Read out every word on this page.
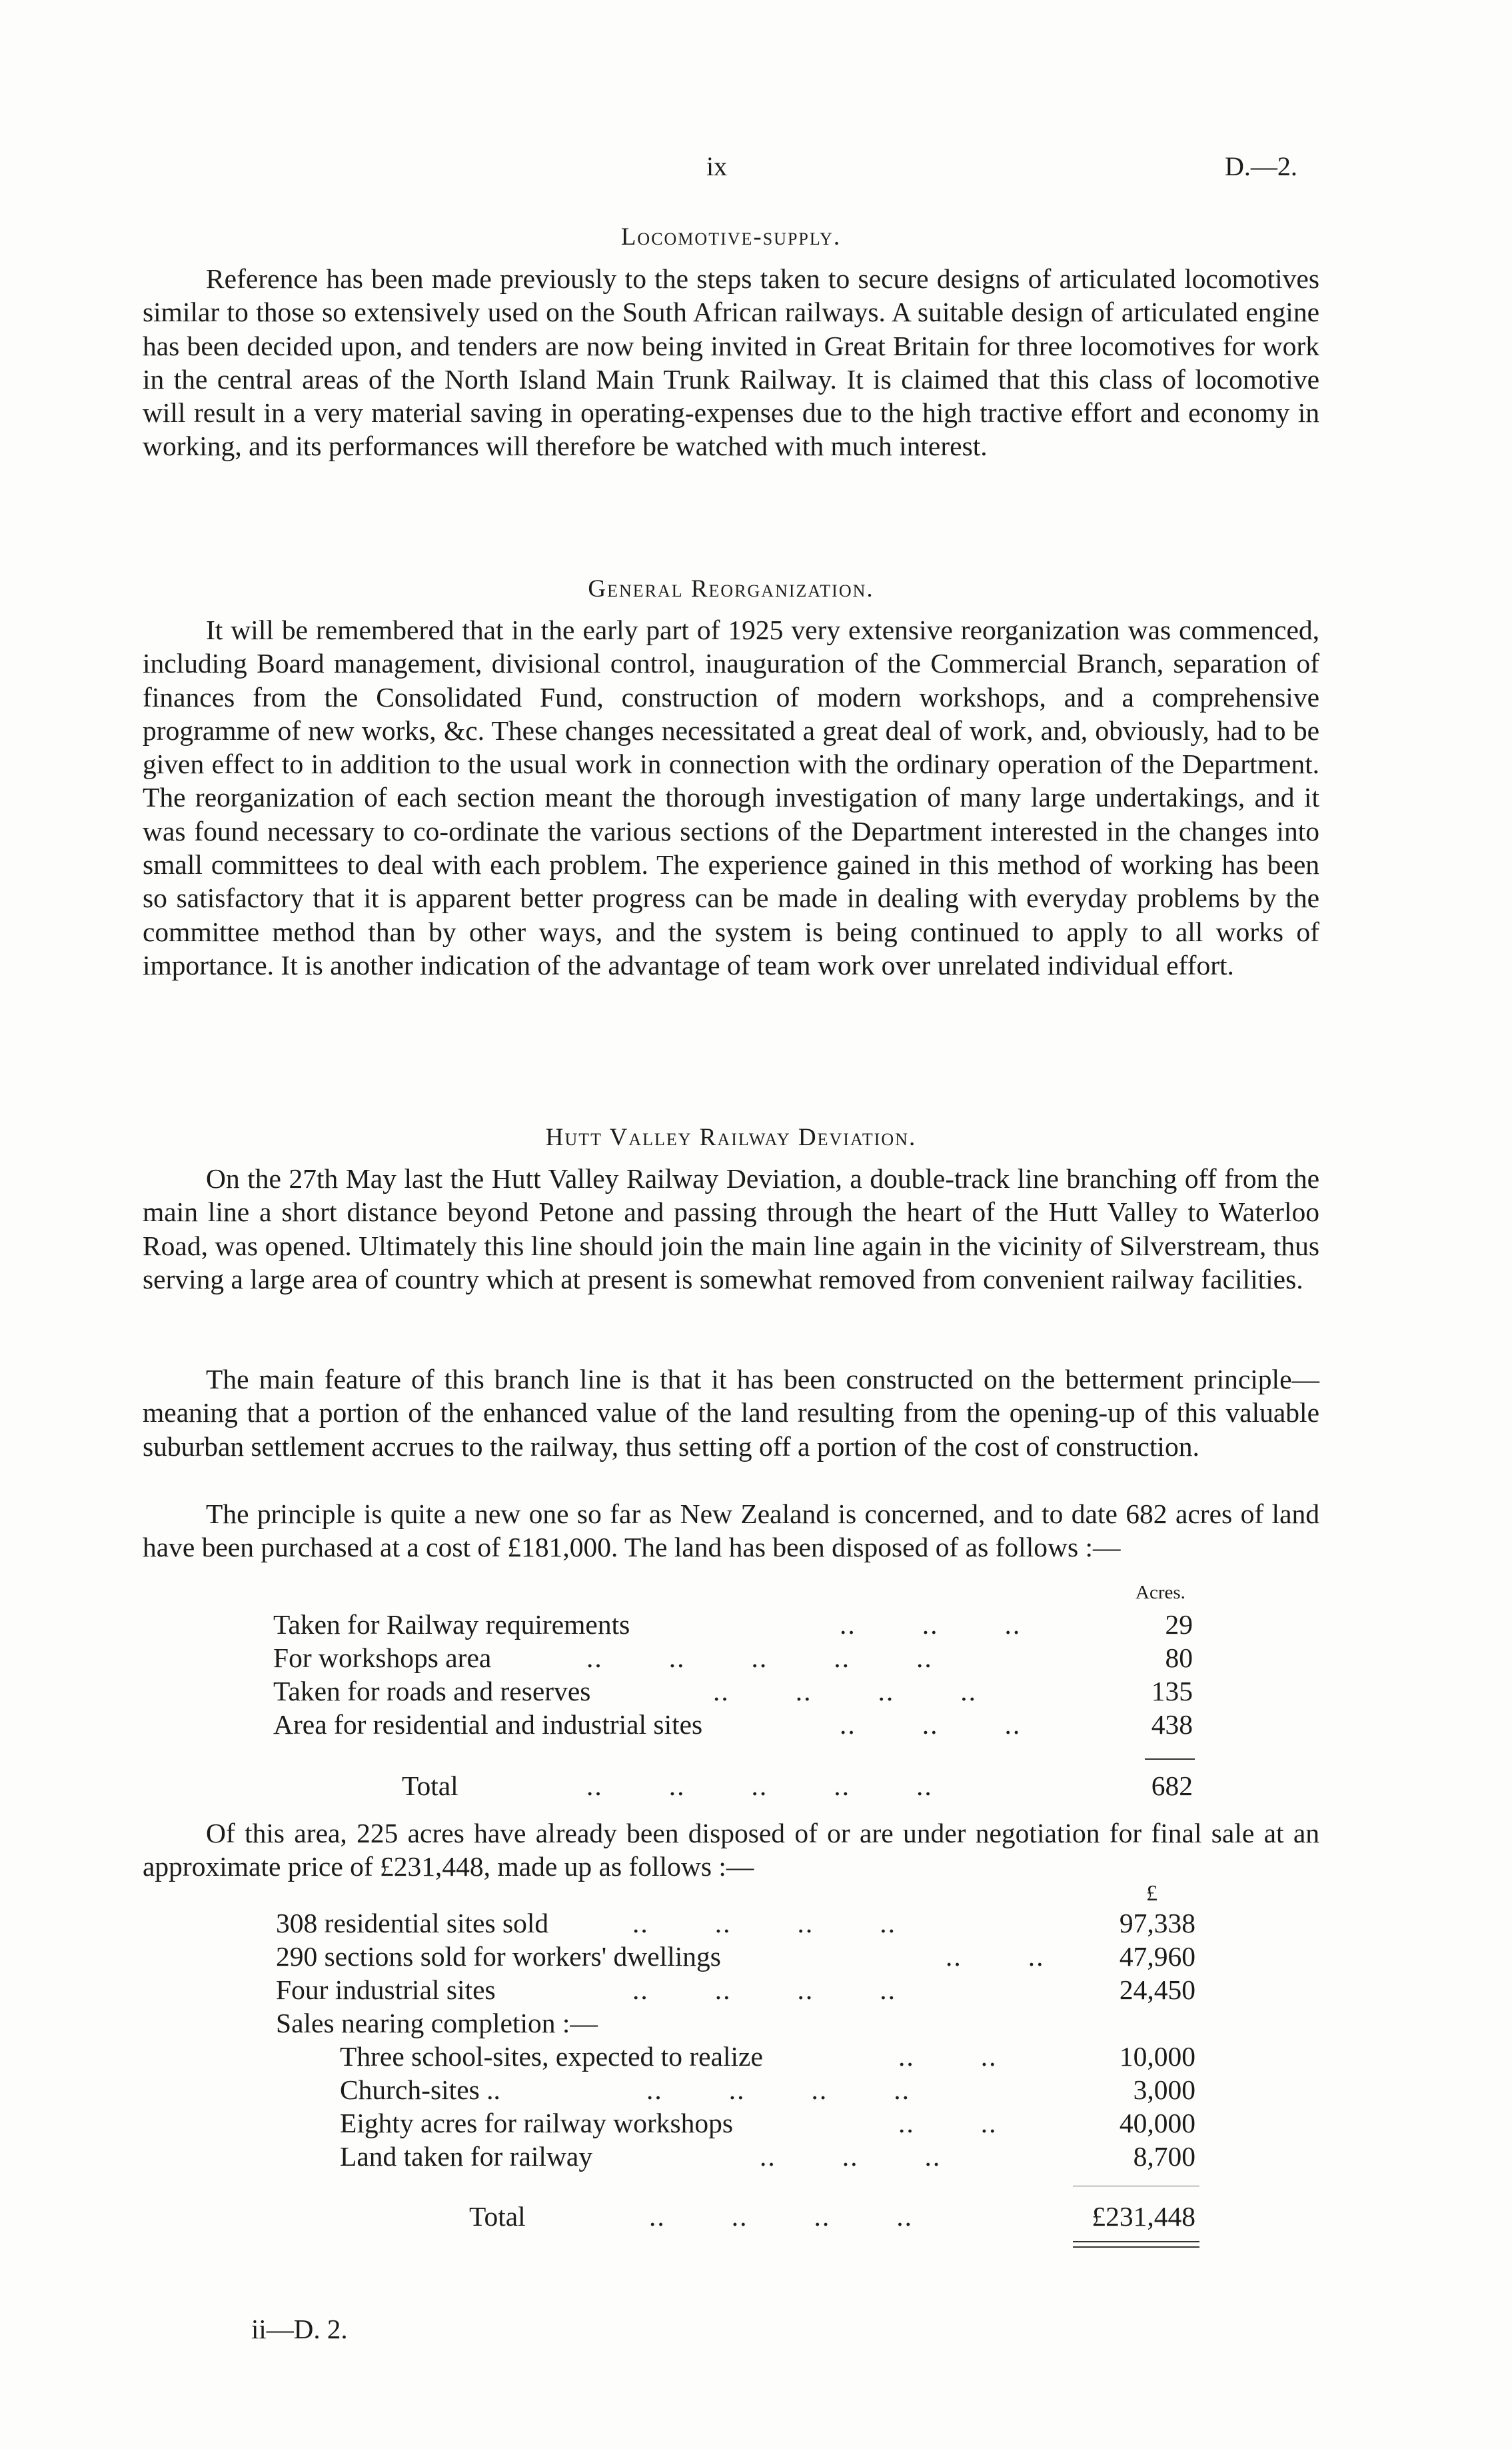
ix	D.—2.
Locomotive-supply.

Reference has been made previously to the steps taken to secure designs of articulated locomotives similar to those so extensively used on the South African railways. A suitable design of articulated engine has been decided upon, and tenders are now being invited in Great Britain for three locomotives for work in the central areas of the North Island Main Trunk Railway. It is claimed that this class of locomotive will result in a very material saving in operating-expenses due to the high tractive effort and economy in working, and its performances will therefore be watched with much interest.

General Reorganization.

It will be remembered that in the early part of 1925 very extensive reorganization was commenced, including Board management, divisional control, inauguration of the Commercial Branch, separation of finances from the Consolidated Fund, construction of modern workshops, and a comprehensive programme of new works, &c. These changes necessitated a great deal of work, and, obviously, had to be given effect to in addition to the usual work in connection with the ordinary operation of the Department. The reorganization of each section meant the thorough investigation of many large undertakings, and it was found necessary to co-ordinate the various sections of the Department interested in the changes into small committees to deal with each problem. The experience gained in this method of working has been so satisfactory that it is apparent better progress can be made in dealing with everyday problems by the committee method than by other ways, and the system is being continued to apply to all works of importance. It is another indication of the advantage of team work over unrelated individual effort.

Hutt Valley Railway Deviation.

On the 27th May last the Hutt Valley Railway Deviation, a double-track line branching off from the main line a short distance beyond Petone and passing through the heart of the Hutt Valley to Waterloo Road, was opened. Ultimately this line should join the main line again in the vicinity of Silverstream, thus serving a large area of country which at present is somewhat removed from convenient railway facilities.

The main feature of this branch line is that it has been constructed on the betterment principle—meaning that a portion of the enhanced value of the land resulting from the opening-up of this valuable suburban settlement accrues to the railway, thus setting off a portion of the cost of construction.

The principle is quite a new one so far as New Zealand is concerned, and to date 682 acres of land have been purchased at a cost of £181,000. The land has been disposed of as follows :—

Acres.
Taken for Railway requirements	..        ..        ..	29
For workshops area	..        ..        ..        ..        ..	80
Taken for roads and reserves	..        ..        ..        ..	135
Area for residential and industrial sites	..        ..        ..	438
Total	..        ..        ..        ..        ..	682

Of this area, 225 acres have already been disposed of or are under negotiation for final sale at an approximate price of £231,448, made up as follows :—

£
308 residential sites sold	..        ..        ..        ..	97,338
290 sections sold for workers' dwellings	..        ..	47,960
Four industrial sites	..        ..        ..        ..	24,450
Sales nearing completion :—
Three school-sites, expected to realize	..        ..	10,000
Church-sites ..	..        ..        ..        ..	3,000
Eighty acres for railway workshops	..        ..	40,000
Land taken for railway	..        ..        ..	8,700
Total	..        ..        ..        ..	£231,448
ii—D. 2.
